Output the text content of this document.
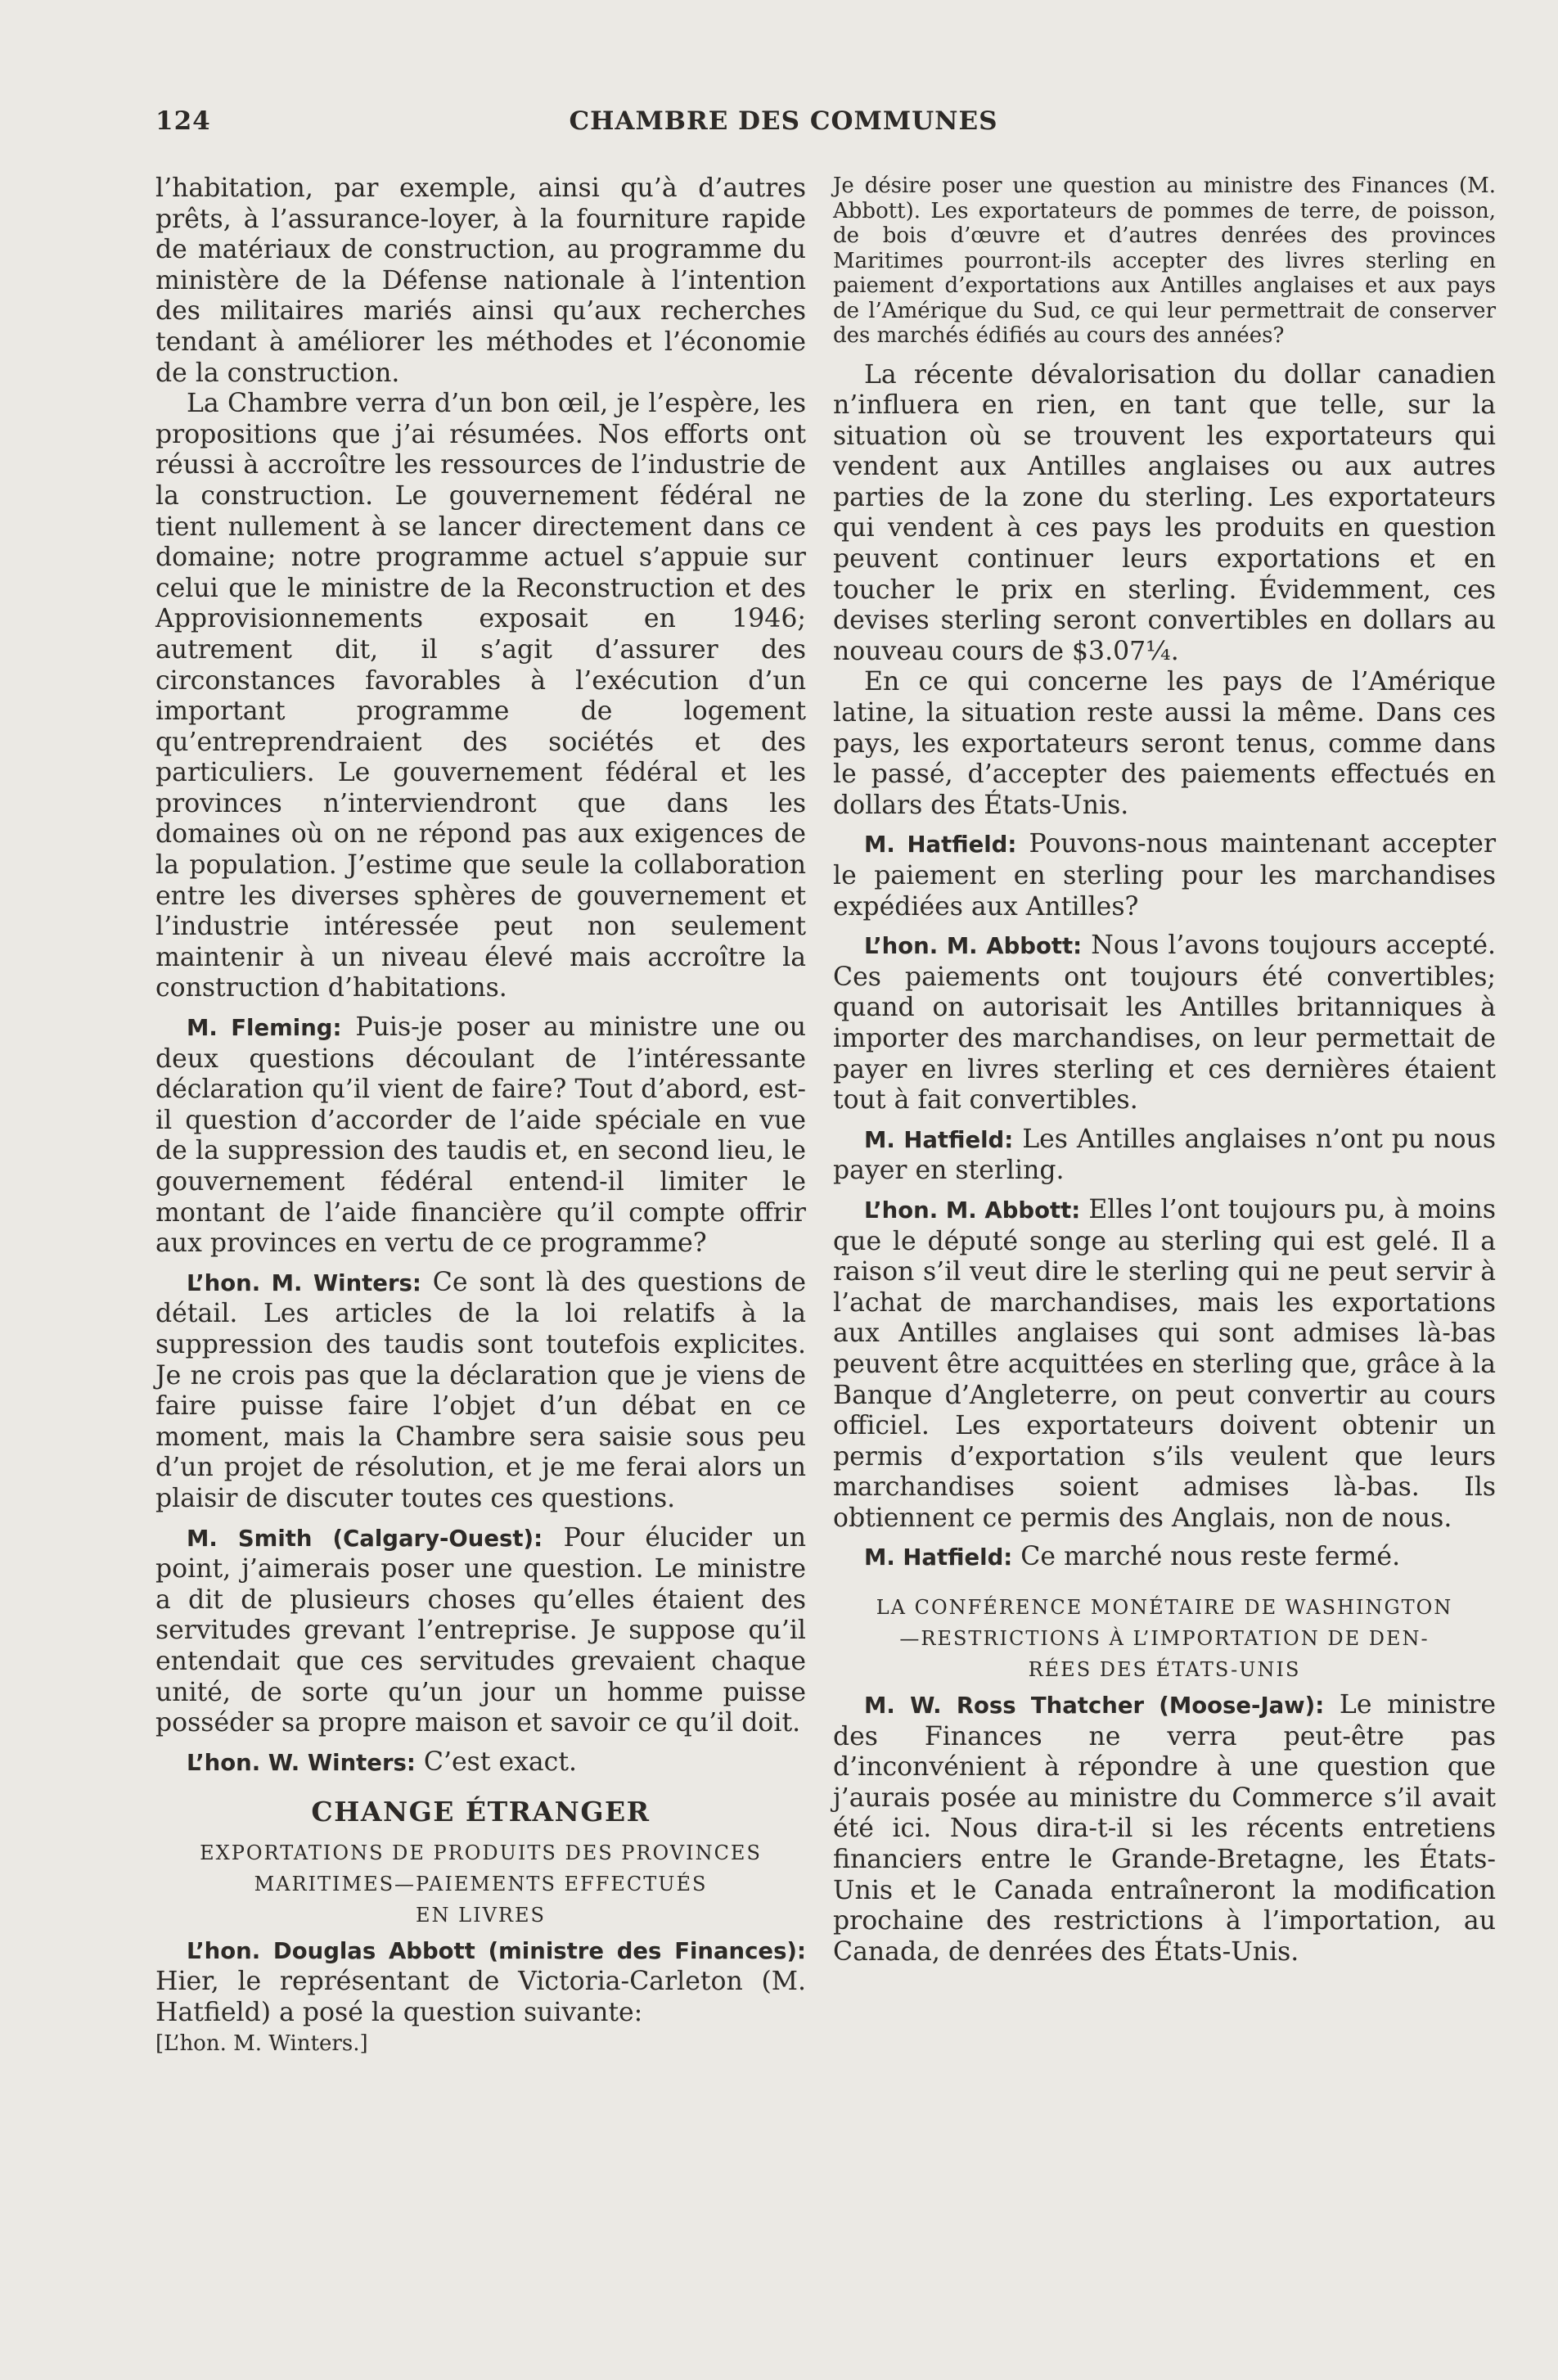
124	CHAMBRE DES COMMUNES

l’habitation, par exemple, ainsi qu’à d’autres prêts, à l’assurance-loyer, à la fourniture rapide de matériaux de construction, au programme du ministère de la Défense nationale à l’intention des militaires mariés ainsi qu’aux recherches tendant à améliorer les méthodes et l’économie de la construction.

La Chambre verra d’un bon œil, je l’espère, les propositions que j’ai résumées. Nos efforts ont réussi à accroître les ressources de l’industrie de la construction. Le gouvernement fédéral ne tient nullement à se lancer directement dans ce domaine; notre programme actuel s’appuie sur celui que le ministre de la Reconstruction et des Approvisionnements exposait en 1946; autrement dit, il s’agit d’assurer des circonstances favorables à l’exécution d’un important programme de logement qu’entreprendraient des sociétés et des particuliers. Le gouvernement fédéral et les provinces n’interviendront que dans les domaines où on ne répond pas aux exigences de la population. J’estime que seule la collaboration entre les diverses sphères de gouvernement et l’industrie intéressée peut non seulement maintenir à un niveau élevé mais accroître la construction d’habitations.

M. Fleming: Puis-je poser au ministre une ou deux questions découlant de l’intéressante déclaration qu’il vient de faire? Tout d’abord, est-il question d’accorder de l’aide spéciale en vue de la suppression des taudis et, en second lieu, le gouvernement fédéral entend-il limiter le montant de l’aide financière qu’il compte offrir aux provinces en vertu de ce programme?

L’hon. M. Winters: Ce sont là des questions de détail. Les articles de la loi relatifs à la suppression des taudis sont toutefois explicites. Je ne crois pas que la déclaration que je viens de faire puisse faire l’objet d’un débat en ce moment, mais la Chambre sera saisie sous peu d’un projet de résolution, et je me ferai alors un plaisir de discuter toutes ces questions.

M. Smith (Calgary-Ouest): Pour élucider un point, j’aimerais poser une question. Le ministre a dit de plusieurs choses qu’elles étaient des servitudes grevant l’entreprise. Je suppose qu’il entendait que ces servitudes grevaient chaque unité, de sorte qu’un jour un homme puisse posséder sa propre maison et savoir ce qu’il doit.

L’hon. W. Winters: C’est exact.

CHANGE ÉTRANGER
EXPORTATIONS DE PRODUITS DES PROVINCES
MARITIMES—PAIEMENTS EFFECTUÉS
EN LIVRES

L’hon. Douglas Abbott (ministre des Finances): Hier, le représentant de Victoria-Carleton (M. Hatfield) a posé la question suivante:

[L’hon. M. Winters.]

Je désire poser une question au ministre des Finances (M. Abbott). Les exportateurs de pommes de terre, de poisson, de bois d’œuvre et d’autres denrées des provinces Maritimes pourront-ils accepter des livres sterling en paiement d’exportations aux Antilles anglaises et aux pays de l’Amérique du Sud, ce qui leur permettrait de conserver des marchés édifiés au cours des années?

La récente dévalorisation du dollar canadien n’influera en rien, en tant que telle, sur la situation où se trouvent les exportateurs qui vendent aux Antilles anglaises ou aux autres parties de la zone du sterling. Les exportateurs qui vendent à ces pays les produits en question peuvent continuer leurs exportations et en toucher le prix en sterling. Évidemment, ces devises sterling seront convertibles en dollars au nouveau cours de $3.07¼.

En ce qui concerne les pays de l’Amérique latine, la situation reste aussi la même. Dans ces pays, les exportateurs seront tenus, comme dans le passé, d’accepter des paiements effectués en dollars des États-Unis.

M. Hatfield: Pouvons-nous maintenant accepter le paiement en sterling pour les marchandises expédiées aux Antilles?

L’hon. M. Abbott: Nous l’avons toujours accepté. Ces paiements ont toujours été convertibles; quand on autorisait les Antilles britanniques à importer des marchandises, on leur permettait de payer en livres sterling et ces dernières étaient tout à fait convertibles.

M. Hatfield: Les Antilles anglaises n’ont pu nous payer en sterling.

L’hon. M. Abbott: Elles l’ont toujours pu, à moins que le député songe au sterling qui est gelé. Il a raison s’il veut dire le sterling qui ne peut servir à l’achat de marchandises, mais les exportations aux Antilles anglaises qui sont admises là-bas peuvent être acquittées en sterling que, grâce à la Banque d’Angleterre, on peut convertir au cours officiel. Les exportateurs doivent obtenir un permis d’exportation s’ils veulent que leurs marchandises soient admises là-bas. Ils obtiennent ce permis des Anglais, non de nous.

M. Hatfield: Ce marché nous reste fermé.

LA CONFÉRENCE MONÉTAIRE DE WASHINGTON
—RESTRICTIONS À L’IMPORTATION DE DEN-
RÉES DES ÉTATS-UNIS

M. W. Ross Thatcher (Moose-Jaw): Le ministre des Finances ne verra peut-être pas d’inconvénient à répondre à une question que j’aurais posée au ministre du Commerce s’il avait été ici. Nous dira-t-il si les récents entretiens financiers entre le Grande-Bretagne, les États-Unis et le Canada entraîneront la modification prochaine des restrictions à l’importation, au Canada, de denrées des États-Unis.
